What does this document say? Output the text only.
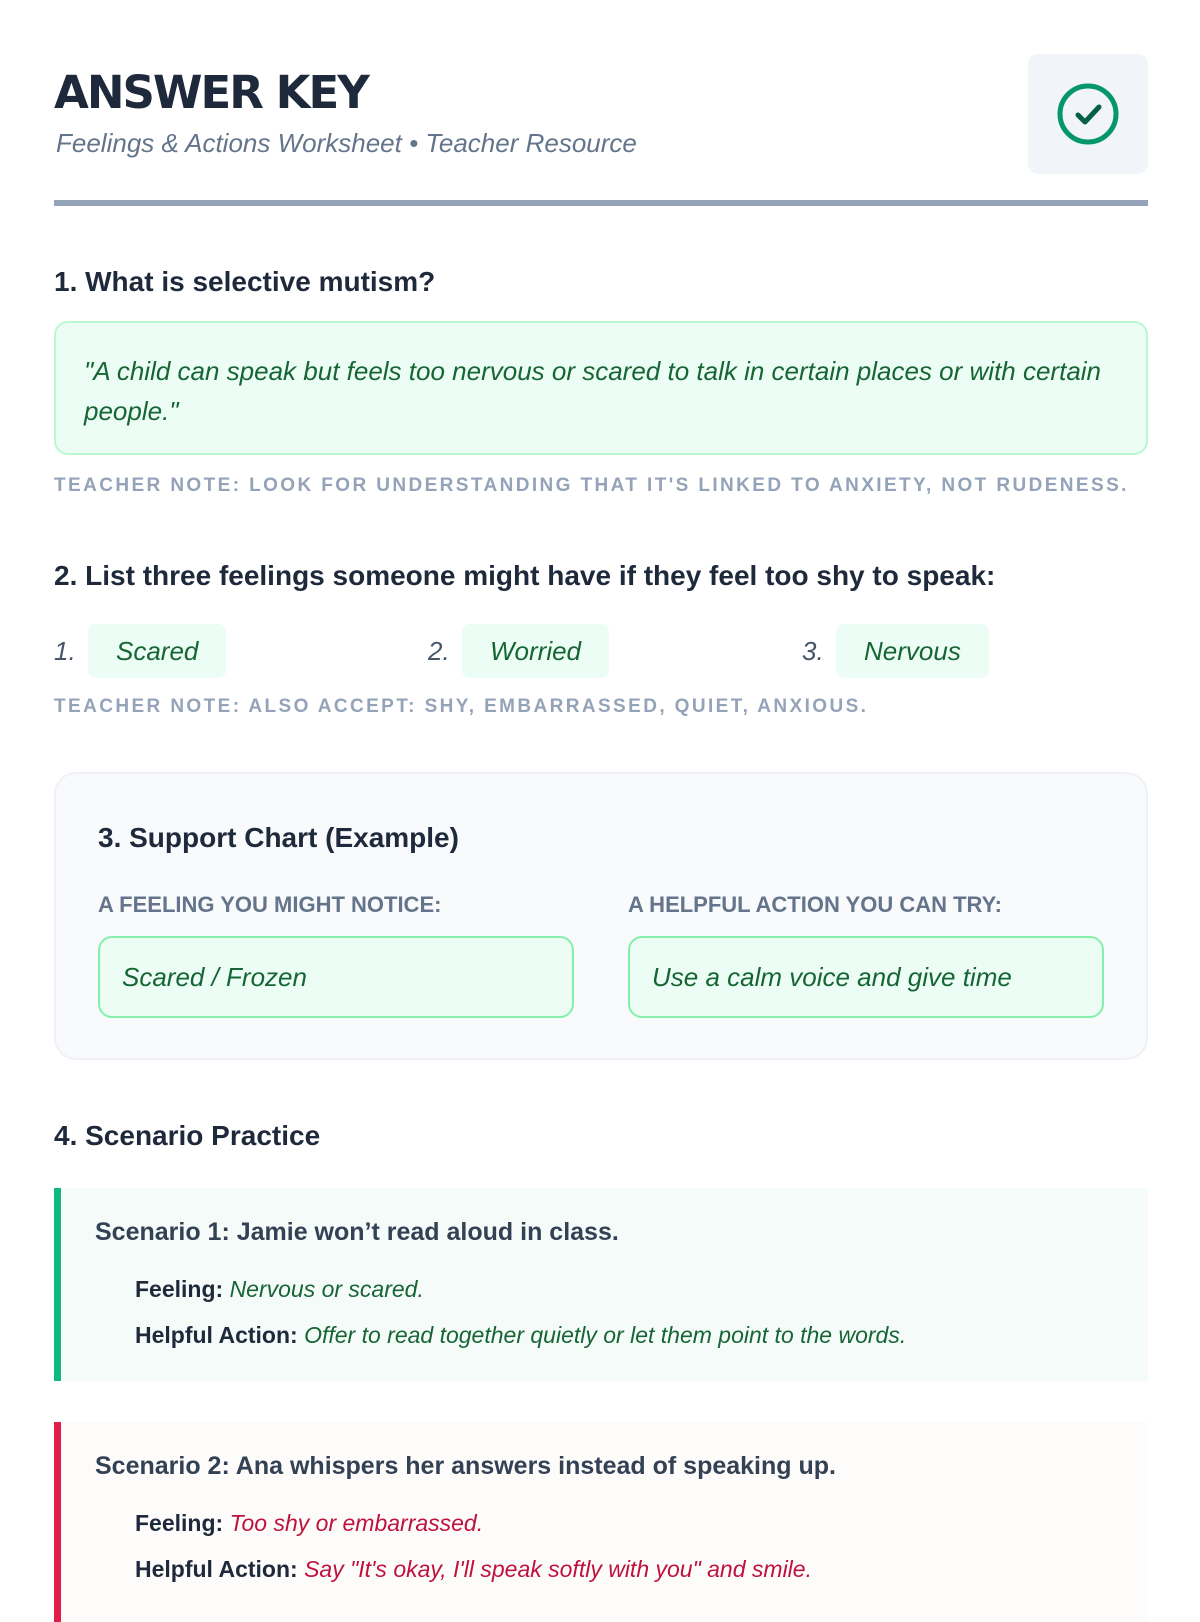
ANSWER KEY
Feelings & Actions Worksheet • Teacher Resource
1. What is selective mutism?
"A child can speak but feels too nervous or scared to talk in certain places or with certain people."
TEACHER NOTE: LOOK FOR UNDERSTANDING THAT IT'S LINKED TO ANXIETY, NOT RUDENESS.
2. List three feelings someone might have if they feel too shy to speak:
1.	Scared	2.	Worried	3.	Nervous
TEACHER NOTE: ALSO ACCEPT: SHY, EMBARRASSED, QUIET, ANXIOUS.
3. Support Chart (Example)
A FEELING YOU MIGHT NOTICE:	A HELPFUL ACTION YOU CAN TRY:
Scared / Frozen	Use a calm voice and give time
4. Scenario Practice
Scenario 1: Jamie won’t read aloud in class.
Feeling: Nervous or scared.
Helpful Action: Offer to read together quietly or let them point to the words.
Scenario 2: Ana whispers her answers instead of speaking up.
Feeling: Too shy or embarrassed.
Helpful Action: Say "It's okay, I'll speak softly with you" and smile.
